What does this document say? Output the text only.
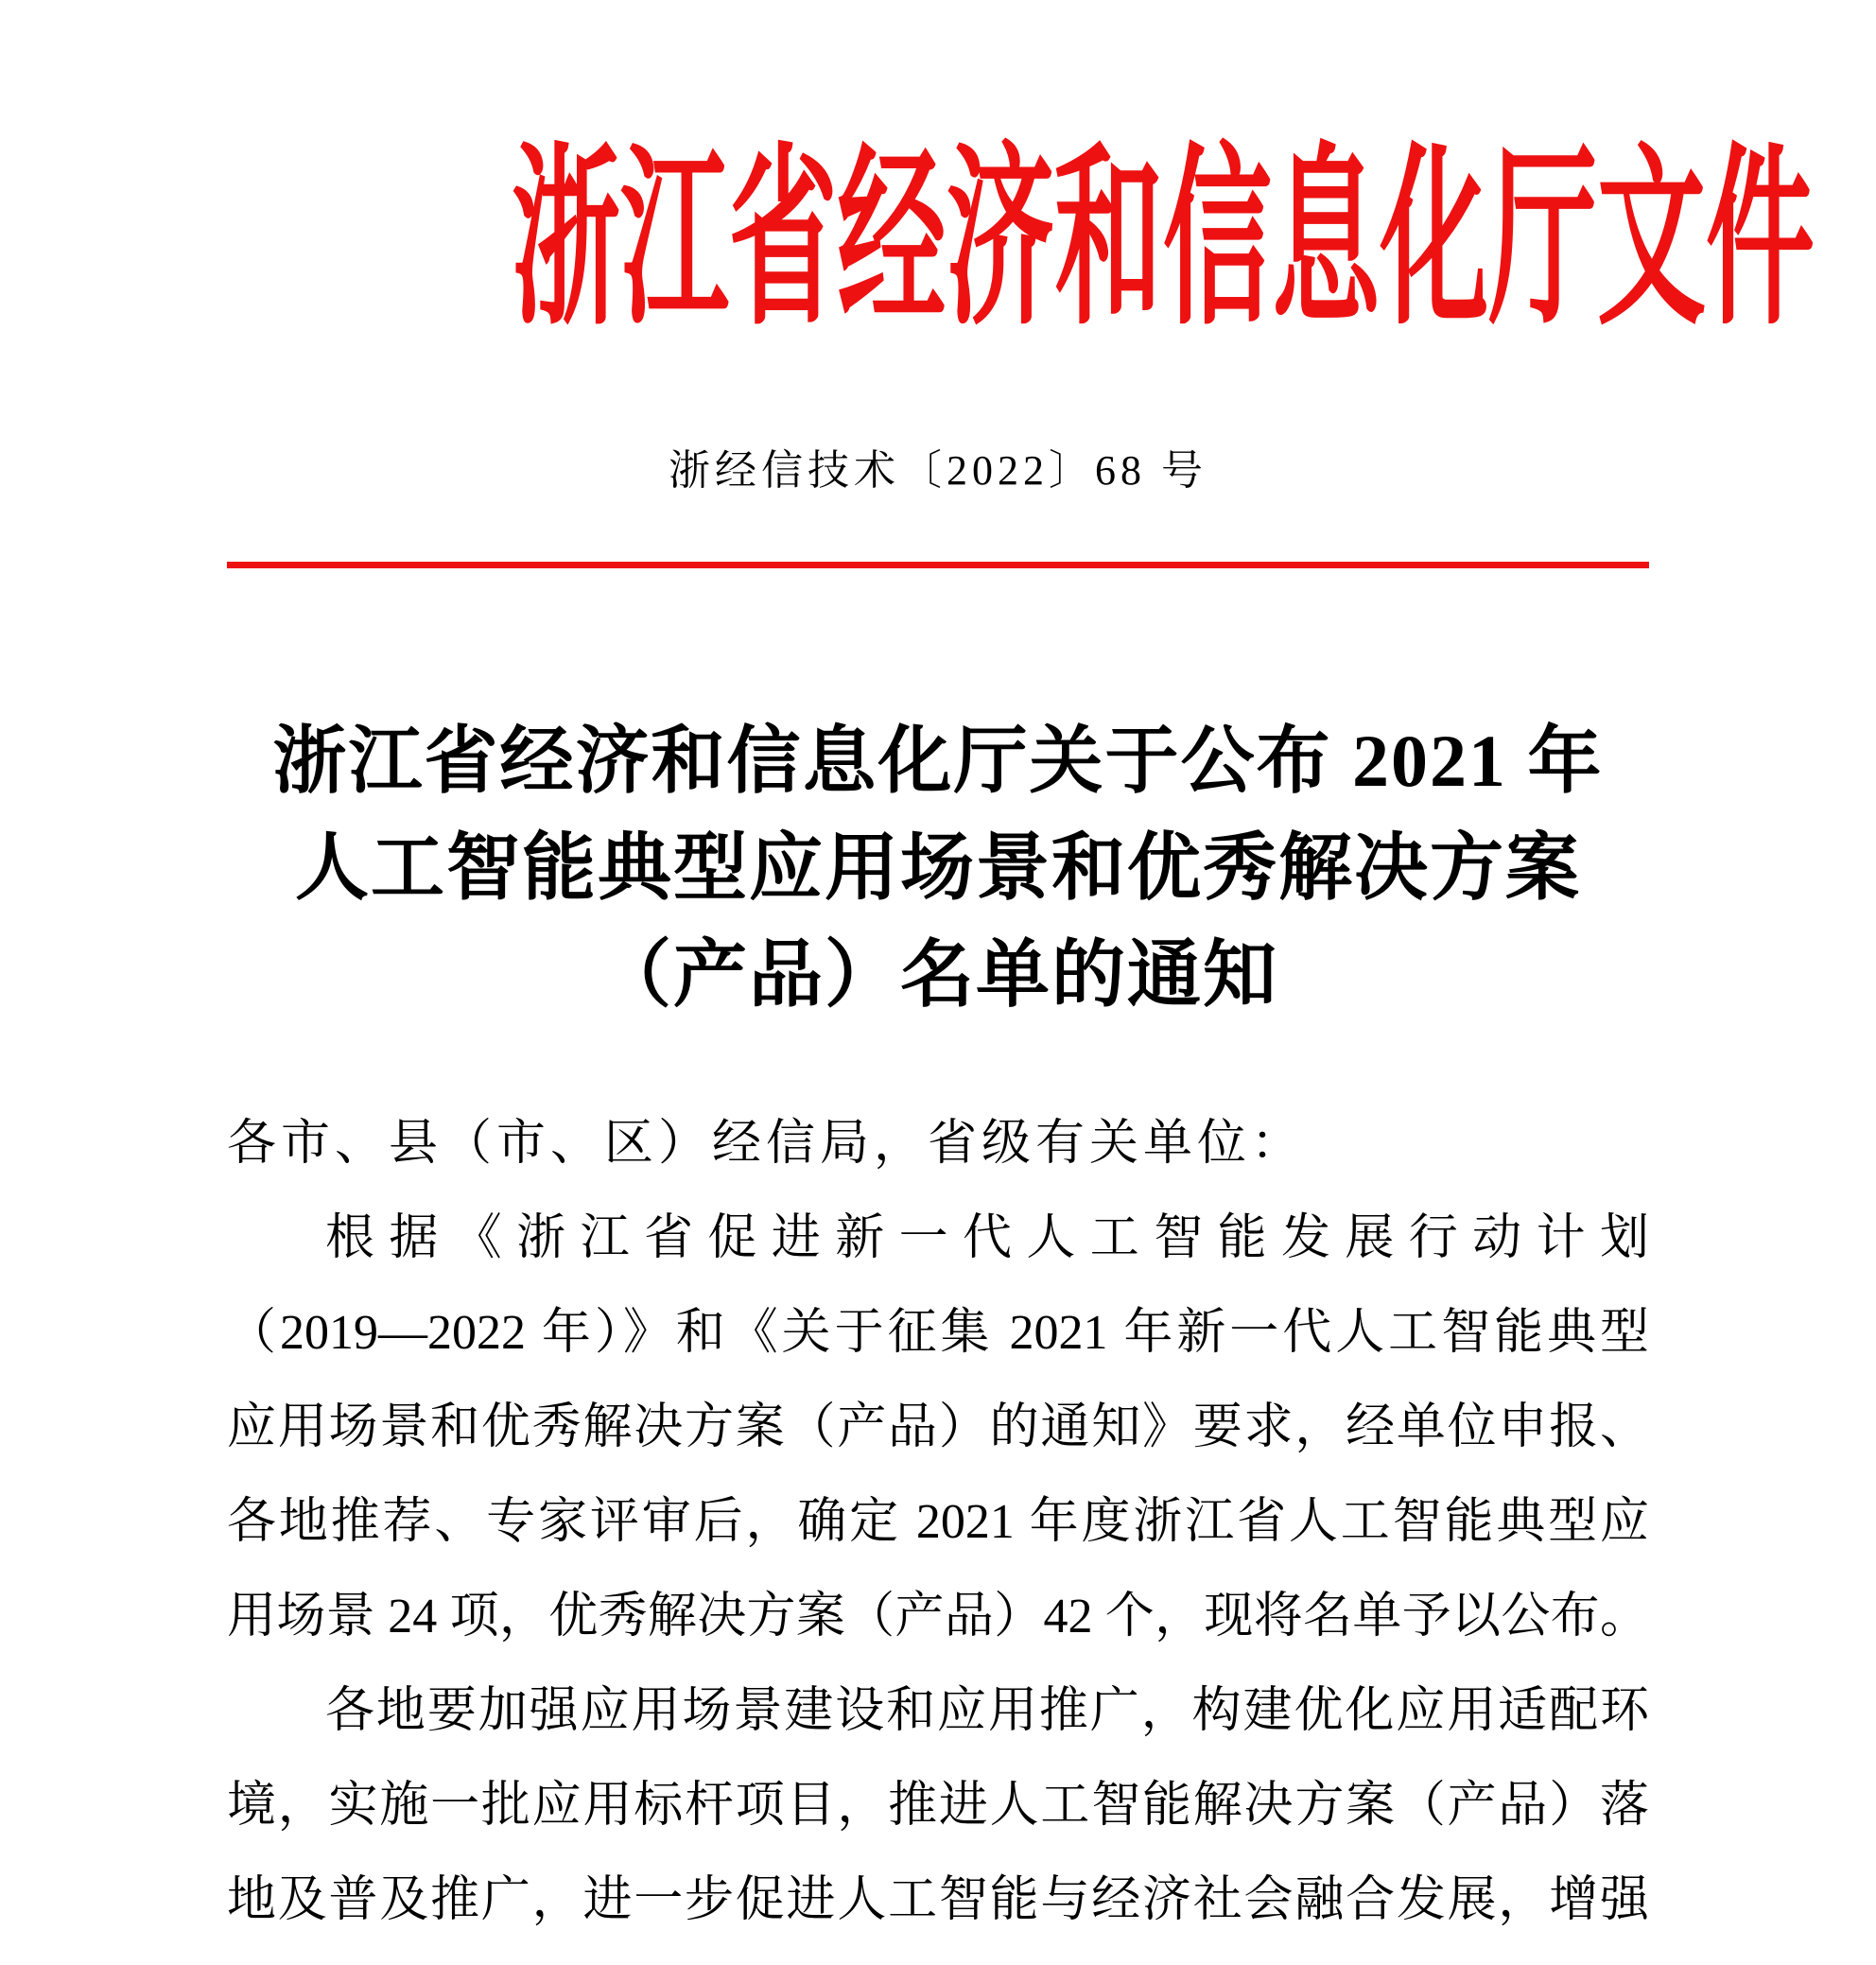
浙江省经济和信息化厅文件
浙经信技术〔2022〕68 号
浙江省经济和信息化厅关于公布 2021 年
人工智能典型应用场景和优秀解决方案
（产品）名单的通知
各市、县（市、区）经信局，省级有关单位：
根据《浙江省促进新一代人工智能发展行动计划
（2019—2022 年）》和《关于征集 2021 年新一代人工智能典型
应用场景和优秀解决方案（产品）的通知》要求，经单位申报、
各地推荐、专家评审后，确定 2021 年度浙江省人工智能典型应
用场景 24 项，优秀解决方案（产品）42 个，现将名单予以公布。
各地要加强应用场景建设和应用推广，构建优化应用适配环
境，实施一批应用标杆项目，推进人工智能解决方案（产品）落
地及普及推广，进一步促进人工智能与经济社会融合发展，增强
